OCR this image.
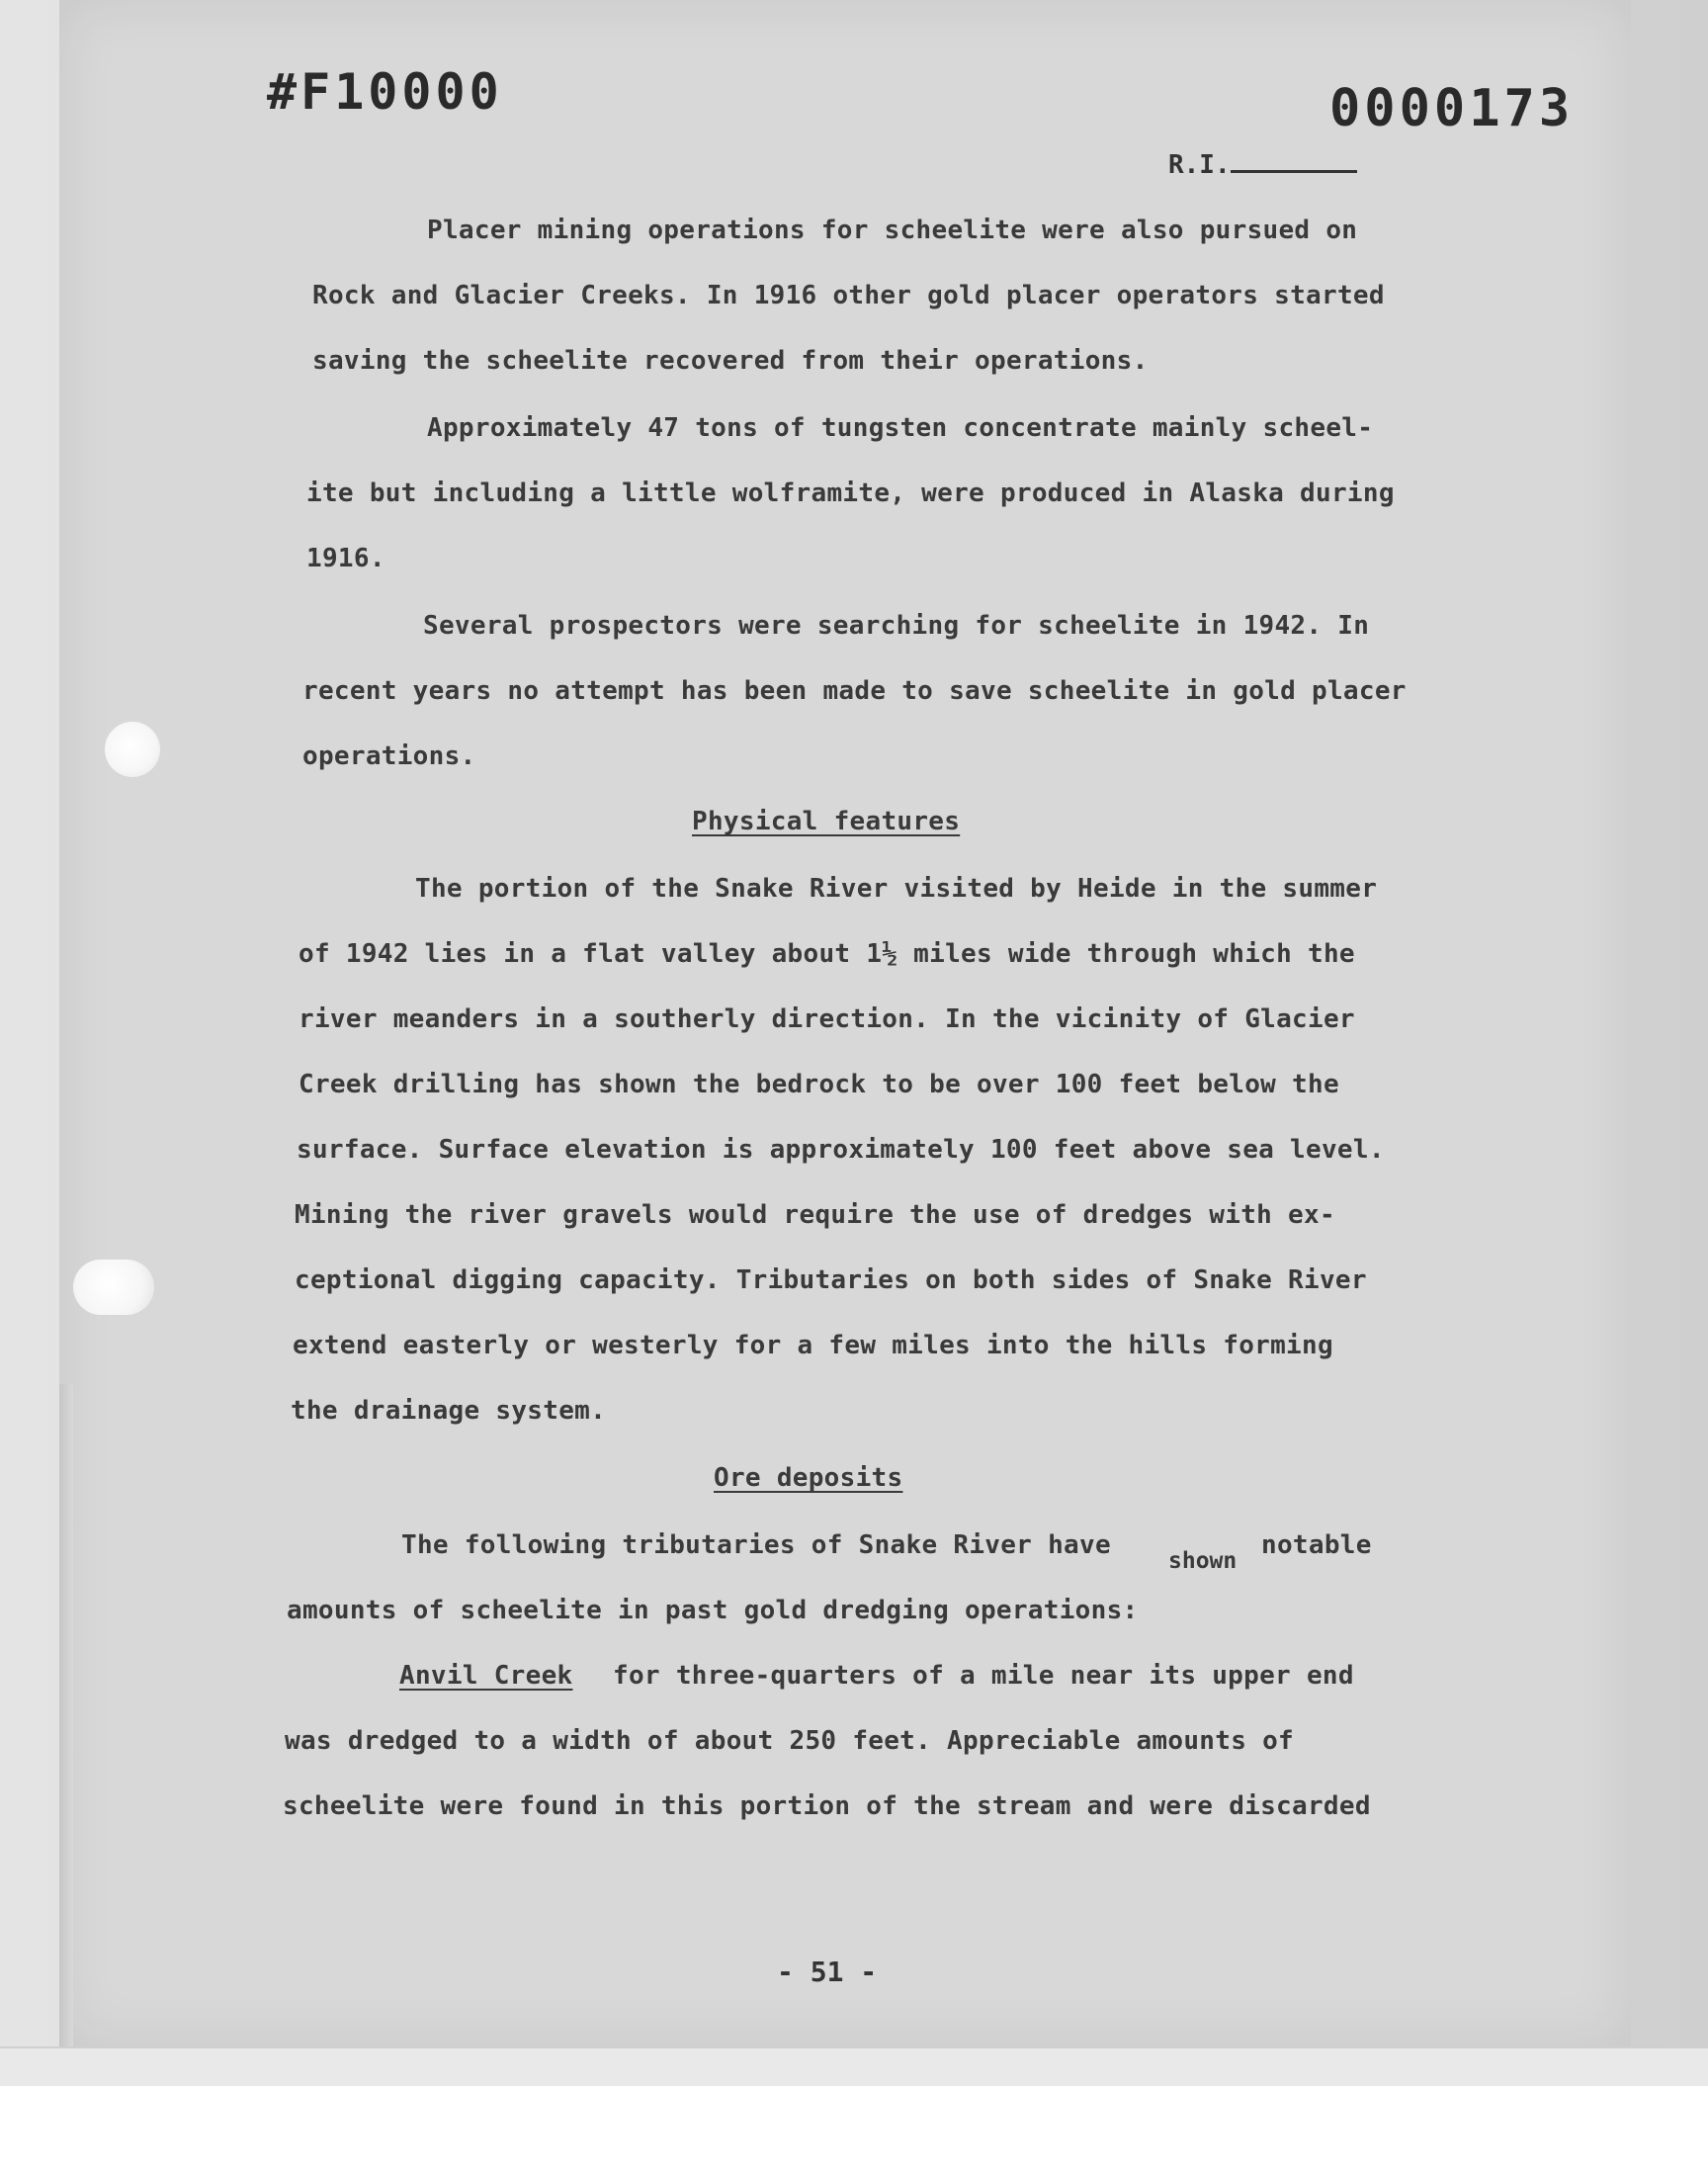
#F10000	0000173
R.I.
Placer mining operations for scheelite were also pursued on
Rock and Glacier Creeks. In 1916 other gold placer operators started
saving the scheelite recovered from their operations.
Approximately 47 tons of tungsten concentrate mainly scheel-
ite but including a little wolframite, were produced in Alaska during
1916.
Several prospectors were searching for scheelite in 1942. In
recent years no attempt has been made to save scheelite in gold placer
operations.
Physical features
The portion of the Snake River visited by Heide in the summer
of 1942 lies in a flat valley about 1½ miles wide through which the
river meanders in a southerly direction. In the vicinity of Glacier
Creek drilling has shown the bedrock to be over 100 feet below the
surface. Surface elevation is approximately 100 feet above sea level.
Mining the river gravels would require the use of dredges with ex-
ceptional digging capacity. Tributaries on both sides of Snake River
extend easterly or westerly for a few miles into the hills forming
the drainage system.
Ore deposits
The following tributaries of Snake River have	notable
shown
amounts of scheelite in past gold dredging operations:
Anvil Creek for three-quarters of a mile near its upper end
was dredged to a width of about 250 feet. Appreciable amounts of
scheelite were found in this portion of the stream and were discarded
- 51 -
